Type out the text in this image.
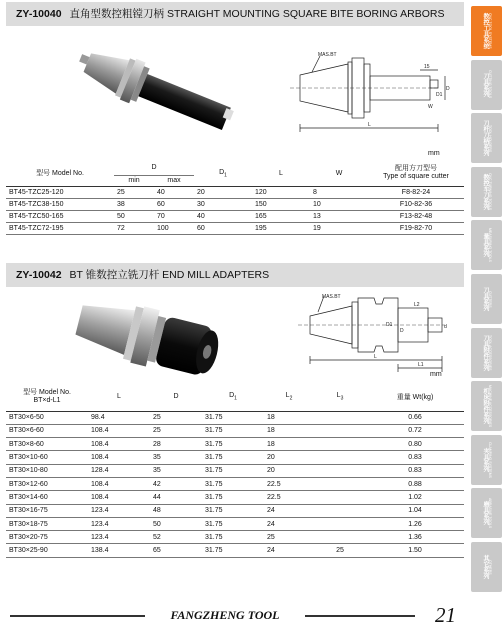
ZY-10040 直角型数控粗镗刀柄 STRAIGHT MOUNTING SQUARE BITE BORING ARBORS
MAS.BT
15
D1
D
W
L
mm
型号 Model No.	D		$D_1$	L	W	配用方刀型号
Type of square cutter

	min	max				
BT45-TZC25-120	25	40	20	120	8	F8-82-24
BT45-TZC38-150	38	60	30	150	10	F10-82-36
BT45-TZC50-165	50	70	40	165	13	F13-82-48
BT45-TZC72-195	72	100	60	195	19	F19-82-70
ZY-10042 BT 锥数控立铣刀杆 END MILL ADAPTERS
MAS.BT
L
L1
L2
d
D
D1
mm
型号 Model No.
BT×d-L1	L	D	$D_1$	$L_2$	$L_3$	重量 Wt(kg)
BT30×6-50	98.4	25	31.75	18		0.66
BT30×6-60	108.4	25	31.75	18		0.72
BT30×8-60	108.4	28	31.75	18		0.80
BT30×10-60	108.4	35	31.75	20		0.83
BT30×10-80	128.4	35	31.75	20		0.83
BT30×12-60	108.4	42	31.75	22.5		0.88
BT30×14-60	108.4	44	31.75	22.5		1.02
BT30×16-75	123.4	48	31.75	24		1.04
BT30×18-75	123.4	50	31.75	24		1.26
BT30×20-75	123.4	52	31.75	25		1.36
BT30×25-90	138.4	65	31.75	24	25	1.50
FANGZHENG TOOL	21
数控工具系统 CNC TOOL SYSTEMS
刀具系列 CUTTING TOOLS
刀杆刀柄系列 TOOL HOLDERS
数控车刀系列 CNC TURNING TOOLS
量具系列 MEASURING TOOLS
刀具系列 CUTTERS
刀具附件系列 TOOL ACCESSORIES
机床附件系列 MACHINE ACCESSORIES
夹具系列 CLAMPING SYSTEMS
磨具系列 ABRASIVE TOOLS
其它系列 OTHERS
